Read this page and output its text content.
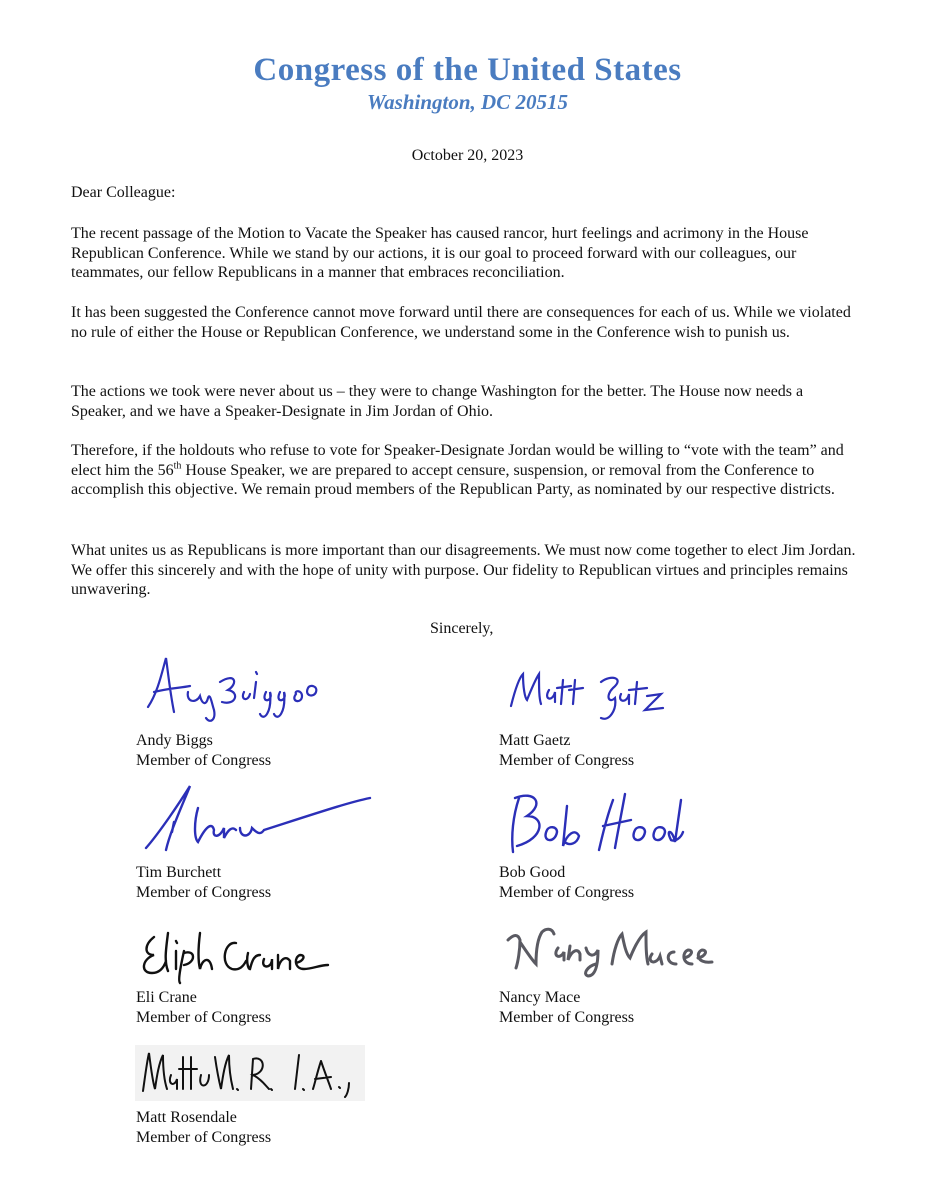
Congress of the United States
Washington, DC 20515
October 20, 2023
Dear Colleague:
The recent passage of the Motion to Vacate the Speaker has caused rancor, hurt feelings and acrimony in the House Republican Conference. While we stand by our actions, it is our goal to proceed forward with our colleagues, our teammates, our fellow Republicans in a manner that embraces reconciliation.
It has been suggested the Conference cannot move forward until there are consequences for each of us. While we violated no rule of either the House or Republican Conference, we understand some in the Conference wish to punish us.
The actions we took were never about us – they were to change Washington for the better. The House now needs a Speaker, and we have a Speaker-Designate in Jim Jordan of Ohio.
Therefore, if the holdouts who refuse to vote for Speaker-Designate Jordan would be willing to “vote with the team” and elect him the 56th House Speaker, we are prepared to accept censure, suspension, or removal from the Conference to accomplish this objective. We remain proud members of the Republican Party, as nominated by our respective districts.
What unites us as Republicans is more important than our disagreements. We must now come together to elect Jim Jordan. We offer this sincerely and with the hope of unity with purpose. Our fidelity to Republican virtues and principles remains unwavering.
Sincerely,
Andy Biggs
Member of Congress
Matt Gaetz
Member of Congress
Tim Burchett
Member of Congress
Bob Good
Member of Congress
Eli Crane
Member of Congress
Nancy Mace
Member of Congress
Matt Rosendale
Member of Congress
